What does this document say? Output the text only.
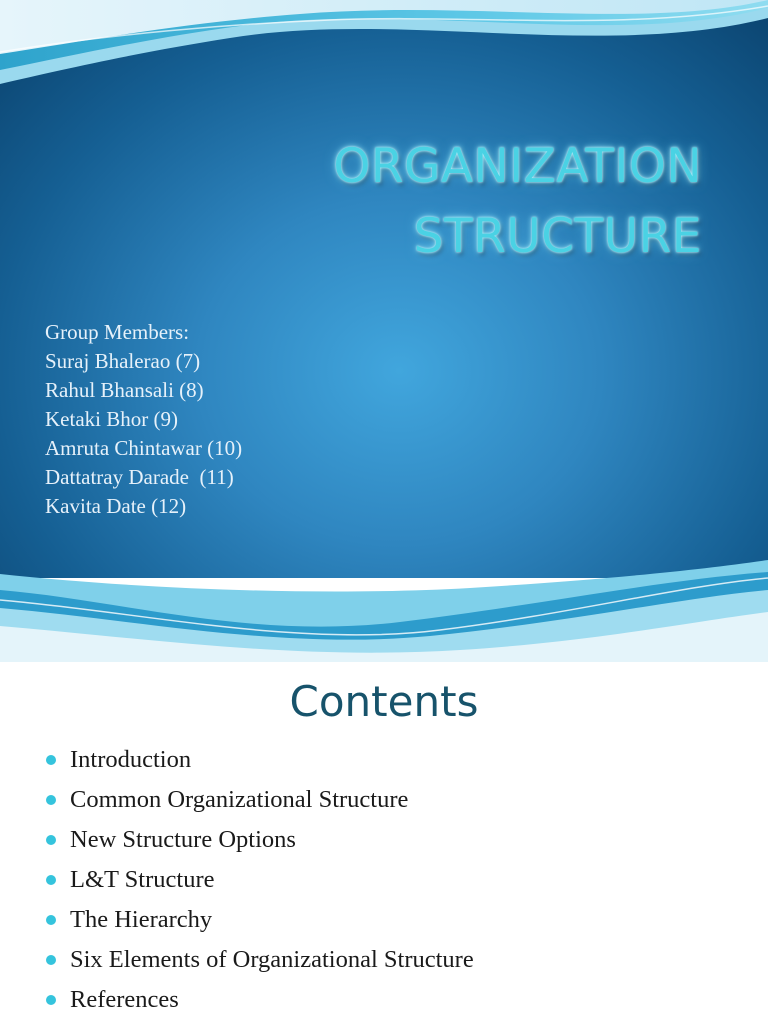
ORGANIZATION
STRUCTURE
Group Members:
Suraj Bhalerao (7)
Rahul Bhansali (8)
Ketaki Bhor (9)
Amruta Chintawar (10)
Dattatray Darade  (11)
Kavita Date (12)
Contents
Introduction
Common Organizational Structure
New Structure Options
L&T Structure
The Hierarchy
Six Elements of Organizational Structure
References
